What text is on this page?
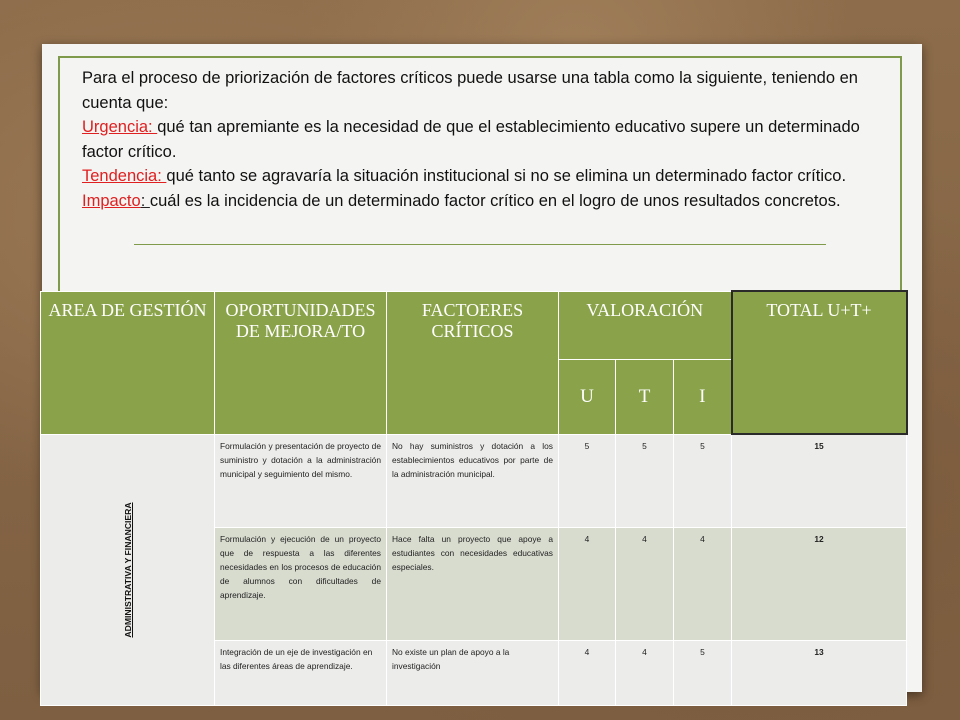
Para el proceso de priorización de factores críticos puede usarse una tabla como la siguiente, teniendo en cuenta que:

Urgencia: qué tan apremiante es la necesidad de que el establecimiento educativo supere un determinado factor crítico.

Tendencia: qué tanto se agravaría la situación institucional si no se elimina un determinado factor crítico.

Impacto: cuál es la incidencia de un determinado factor crítico en el logro de unos resultados concretos.

AREA DE GESTIÓN	OPORTUNIDADES DE MEJORA/TO	FACTOERES CRÍTICOS	VALORACIÓN			TOTAL U+T+
			U	T	I	

ADMINISTRATIVA Y FINANCIERA	Formulación y presentación de proyecto de suministro y dotación a la administración municipal y seguimiento del mismo.	No hay suministros y dotación a los establecimientos educativos por parte de la administración municipal.	5	5	5	15
	Formulación y ejecución de un proyecto que de respuesta a las diferentes necesidades en los procesos de educación de alumnos con dificultades de aprendizaje.	Hace falta un proyecto que apoye a estudiantes con necesidades educativas especiales.	4	4	4	12
	Integración de un eje de investigación en las diferentes áreas de aprendizaje.	No existe un plan de apoyo a la investigación	4	4	5	13
